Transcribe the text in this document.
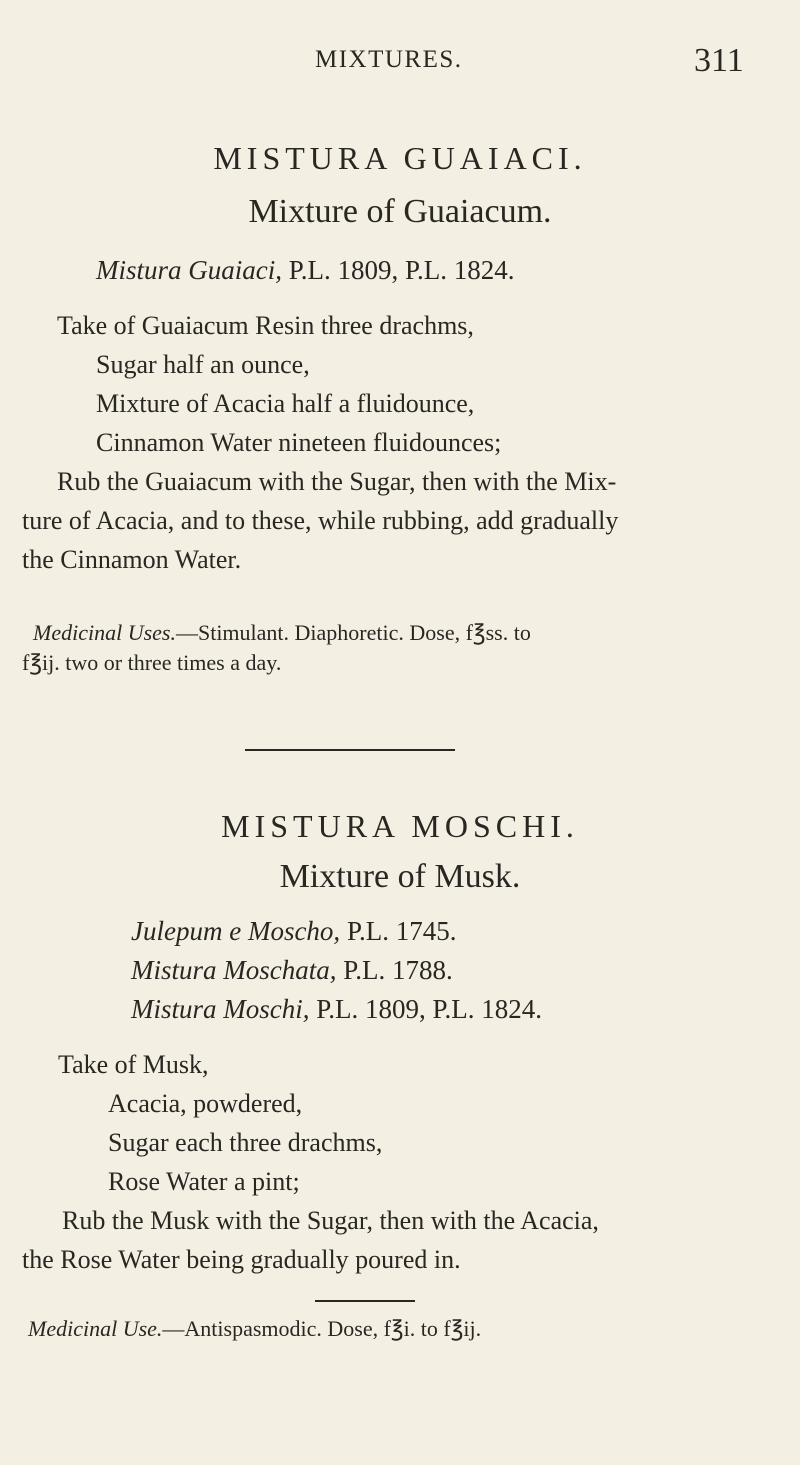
MIXTURES.	311
MISTURA GUAIACI.
Mixture of Guaiacum.
Mistura Guaiaci, P.L. 1809, P.L. 1824.
Take of Guaiacum Resin three drachms,
Sugar half an ounce,
Mixture of Acacia half a fluidounce,
Cinnamon Water nineteen fluidounces;
Rub the Guaiacum with the Sugar, then with the Mix-
ture of Acacia, and to these, while rubbing, add gradually
the Cinnamon Water.
Medicinal Uses.—Stimulant. Diaphoretic. Dose, f℥ss. to
f℥ij. two or three times a day.
MISTURA MOSCHI.
Mixture of Musk.
Julepum e Moscho, P.L. 1745.
Mistura Moschata, P.L. 1788.
Mistura Moschi, P.L. 1809, P.L. 1824.
Take of Musk,
Acacia, powdered,
Sugar each three drachms,
Rose Water a pint;
Rub the Musk with the Sugar, then with the Acacia,
the Rose Water being gradually poured in.
Medicinal Use.—Antispasmodic. Dose, f℥i. to f℥ij.
